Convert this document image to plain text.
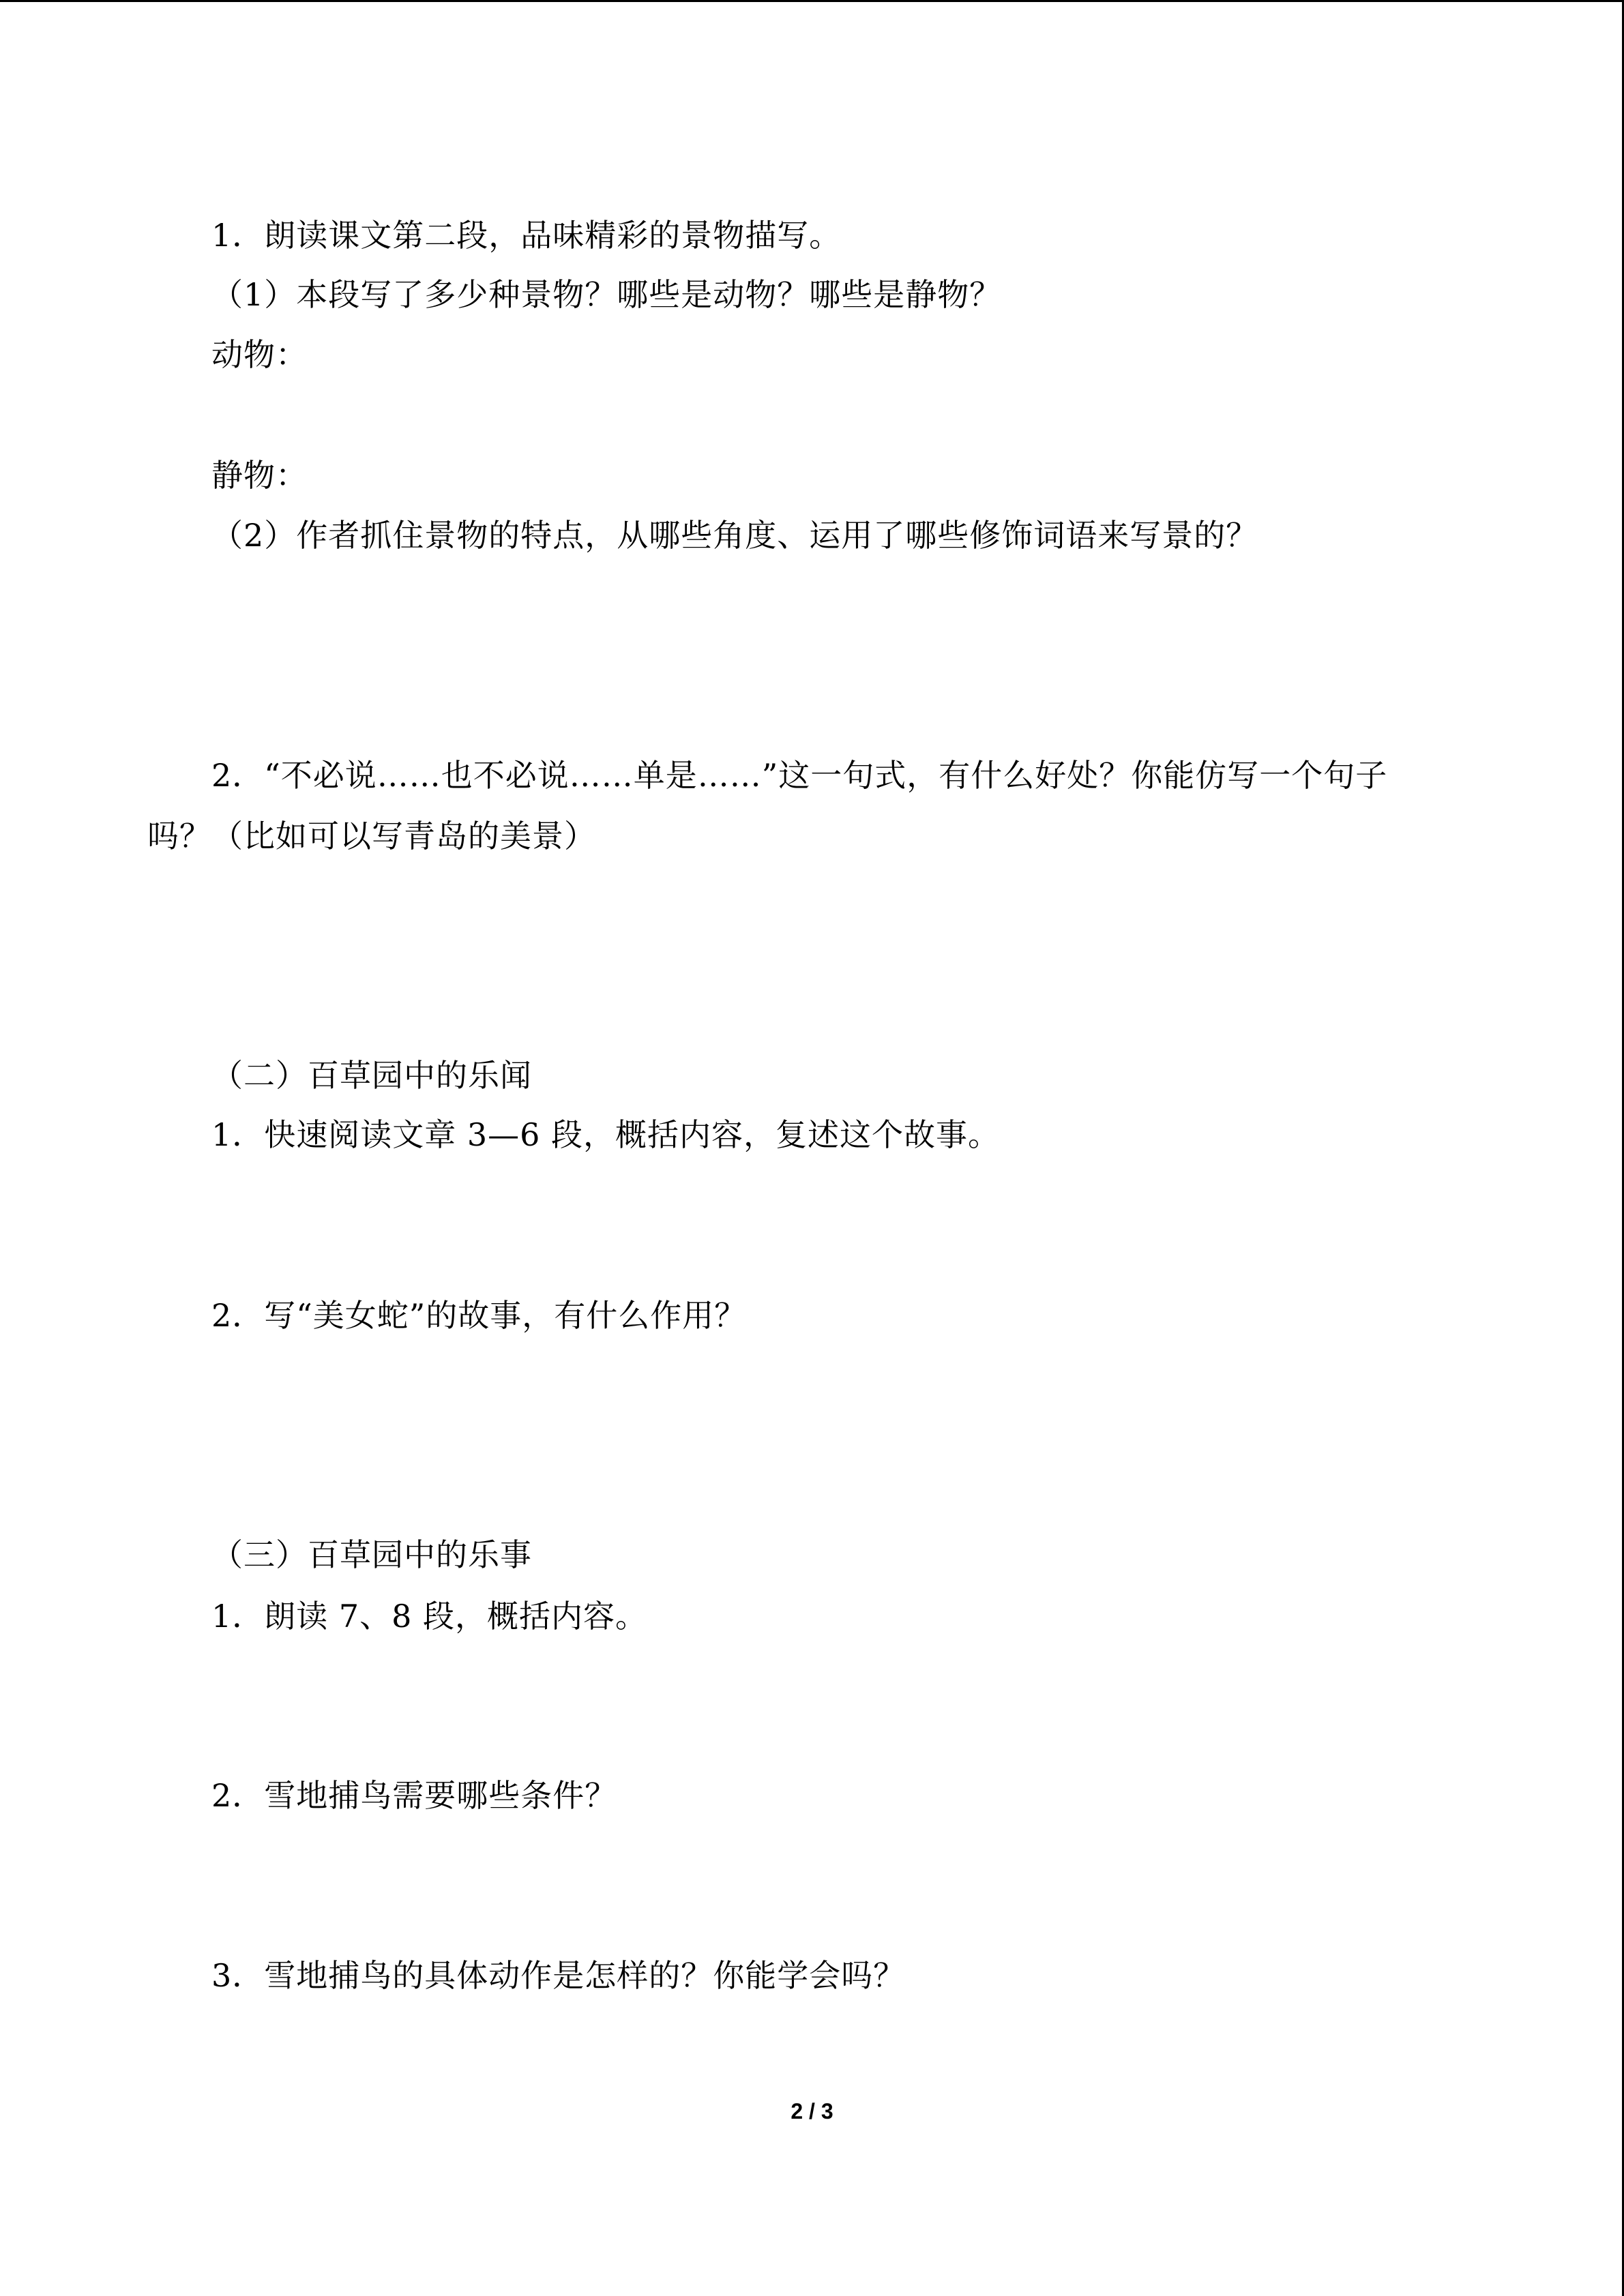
1．朗读课文第二段，品味精彩的景物描写。
（1）本段写了多少种景物？哪些是动物？哪些是静物？
动物：
静物：
（2）作者抓住景物的特点，从哪些角度、运用了哪些修饰词语来写景的？
2．“不必说……也不必说……单是……”这一句式，有什么好处？你能仿写一个句子
吗？（比如可以写青岛的美景）
（二）百草园中的乐闻
1．快速阅读文章 3—6 段，概括内容，复述这个故事。
2．写“美女蛇”的故事，有什么作用？
（三）百草园中的乐事
1．朗读 7、8 段，概括内容。
2．雪地捕鸟需要哪些条件？
3．雪地捕鸟的具体动作是怎样的？你能学会吗？
2 / 3
